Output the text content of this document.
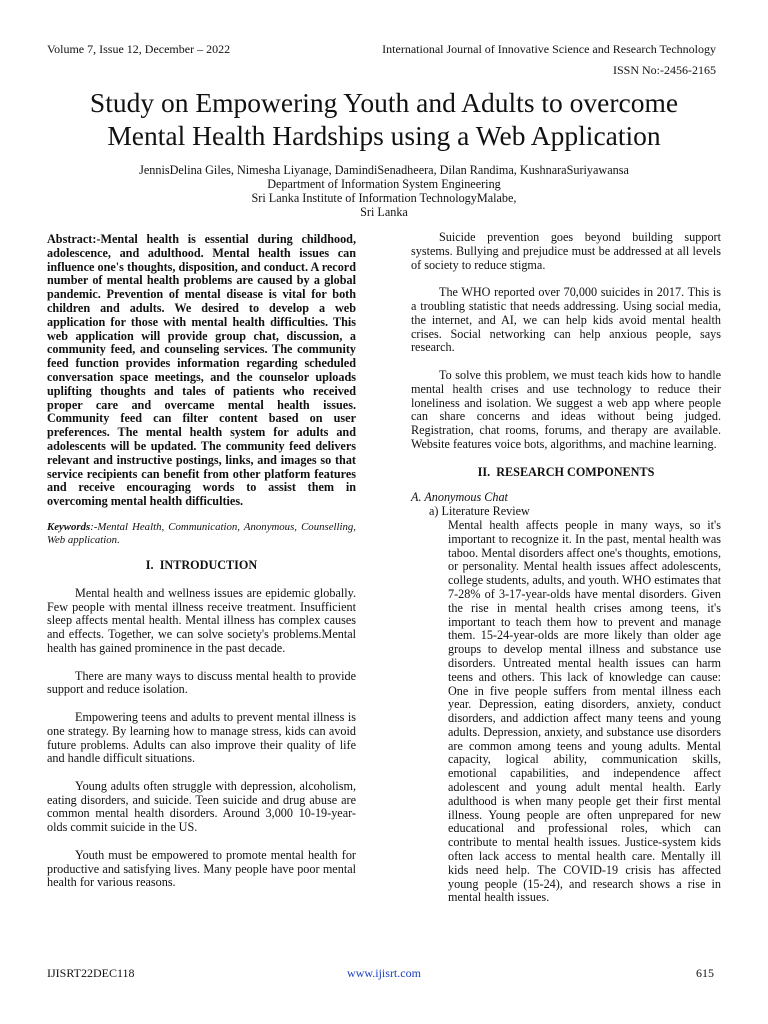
Volume 7, Issue 12, December – 2022	International Journal of Innovative Science and Research Technology
ISSN No:-2456-2165
Study on Empowering Youth and Adults to overcome
Mental Health Hardships using a Web Application
JennisDelina Giles, Nimesha Liyanage, DamindiSenadheera, Dilan Randima, KushnaraSuriyawansa
Department of Information System Engineering
Sri Lanka Institute of Information TechnologyMalabe,
Sri Lanka

Abstract:-Mental health is essential during childhood, adolescence, and adulthood. Mental health issues can influence one's thoughts, disposition, and conduct. A record number of mental health problems are caused by a global pandemic. Prevention of mental disease is vital for both children and adults. We desired to develop a web application for those with mental health difficulties. This web application will provide group chat, discussion, a community feed, and counseling services. The community feed function provides information regarding scheduled conversation space meetings, and the counselor uploads uplifting thoughts and tales of patients who received proper care and overcame mental health issues. Community feed can filter content based on user preferences. The mental health system for adults and adolescents will be updated. The community feed delivers relevant and instructive postings, links, and images so that service recipients can benefit from other platform features and receive encouraging words to assist them in overcoming mental health difficulties.

Keywords:-Mental Health, Communication, Anonymous, Counselling, Web application.

I. INTRODUCTION

Mental health and wellness issues are epidemic globally. Few people with mental illness receive treatment. Insufficient sleep affects mental health. Mental illness has complex causes and effects. Together, we can solve society's problems.Mental health has gained prominence in the past decade.

There are many ways to discuss mental health to provide support and reduce isolation.

Empowering teens and adults to prevent mental illness is one strategy. By learning how to manage stress, kids can avoid future problems. Adults can also improve their quality of life and handle difficult situations.

Young adults often struggle with depression, alcoholism, eating disorders, and suicide. Teen suicide and drug abuse are common mental health disorders. Around 3,000 10-19-year-olds commit suicide in the US.

Youth must be empowered to promote mental health for productive and satisfying lives. Many people have poor mental health for various reasons.

Suicide prevention goes beyond building support systems. Bullying and prejudice must be addressed at all levels of society to reduce stigma.

The WHO reported over 70,000 suicides in 2017. This is a troubling statistic that needs addressing. Using social media, the internet, and AI, we can help kids avoid mental health crises. Social networking can help anxious people, says research.

To solve this problem, we must teach kids how to handle mental health crises and use technology to reduce their loneliness and isolation. We suggest a web app where people can share concerns and ideas without being judged. Registration, chat rooms, forums, and therapy are available. Website features voice bots, algorithms, and machine learning.

II. RESEARCH COMPONENTS
A. Anonymous Chat
a) Literature Review
Mental health affects people in many ways, so it's important to recognize it. In the past, mental health was taboo. Mental disorders affect one's thoughts, emotions, or personality. Mental health issues affect adolescents, college students, adults, and youth. WHO estimates that 7-28% of 3-17-year-olds have mental disorders. Given the rise in mental health crises among teens, it's important to teach them how to prevent and manage them. 15-24-year-olds are more likely than older age groups to develop mental illness and substance use disorders. Untreated mental health issues can harm teens and others. This lack of knowledge can cause: One in five people suffers from mental illness each year. Depression, eating disorders, anxiety, conduct disorders, and addiction affect many teens and young adults. Depression, anxiety, and substance use disorders are common among teens and young adults. Mental capacity, logical ability, communication skills, emotional capabilities, and independence affect adolescent and young adult mental health. Early adulthood is when many people get their first mental illness. Young people are often unprepared for new educational and professional roles, which can contribute to mental health issues. Justice-system kids often lack access to mental health care. Mentally ill kids need help. The COVID-19 crisis has affected young people (15-24), and research shows a rise in mental health issues.
IJISRT22DEC118	www.ijisrt.com	615
